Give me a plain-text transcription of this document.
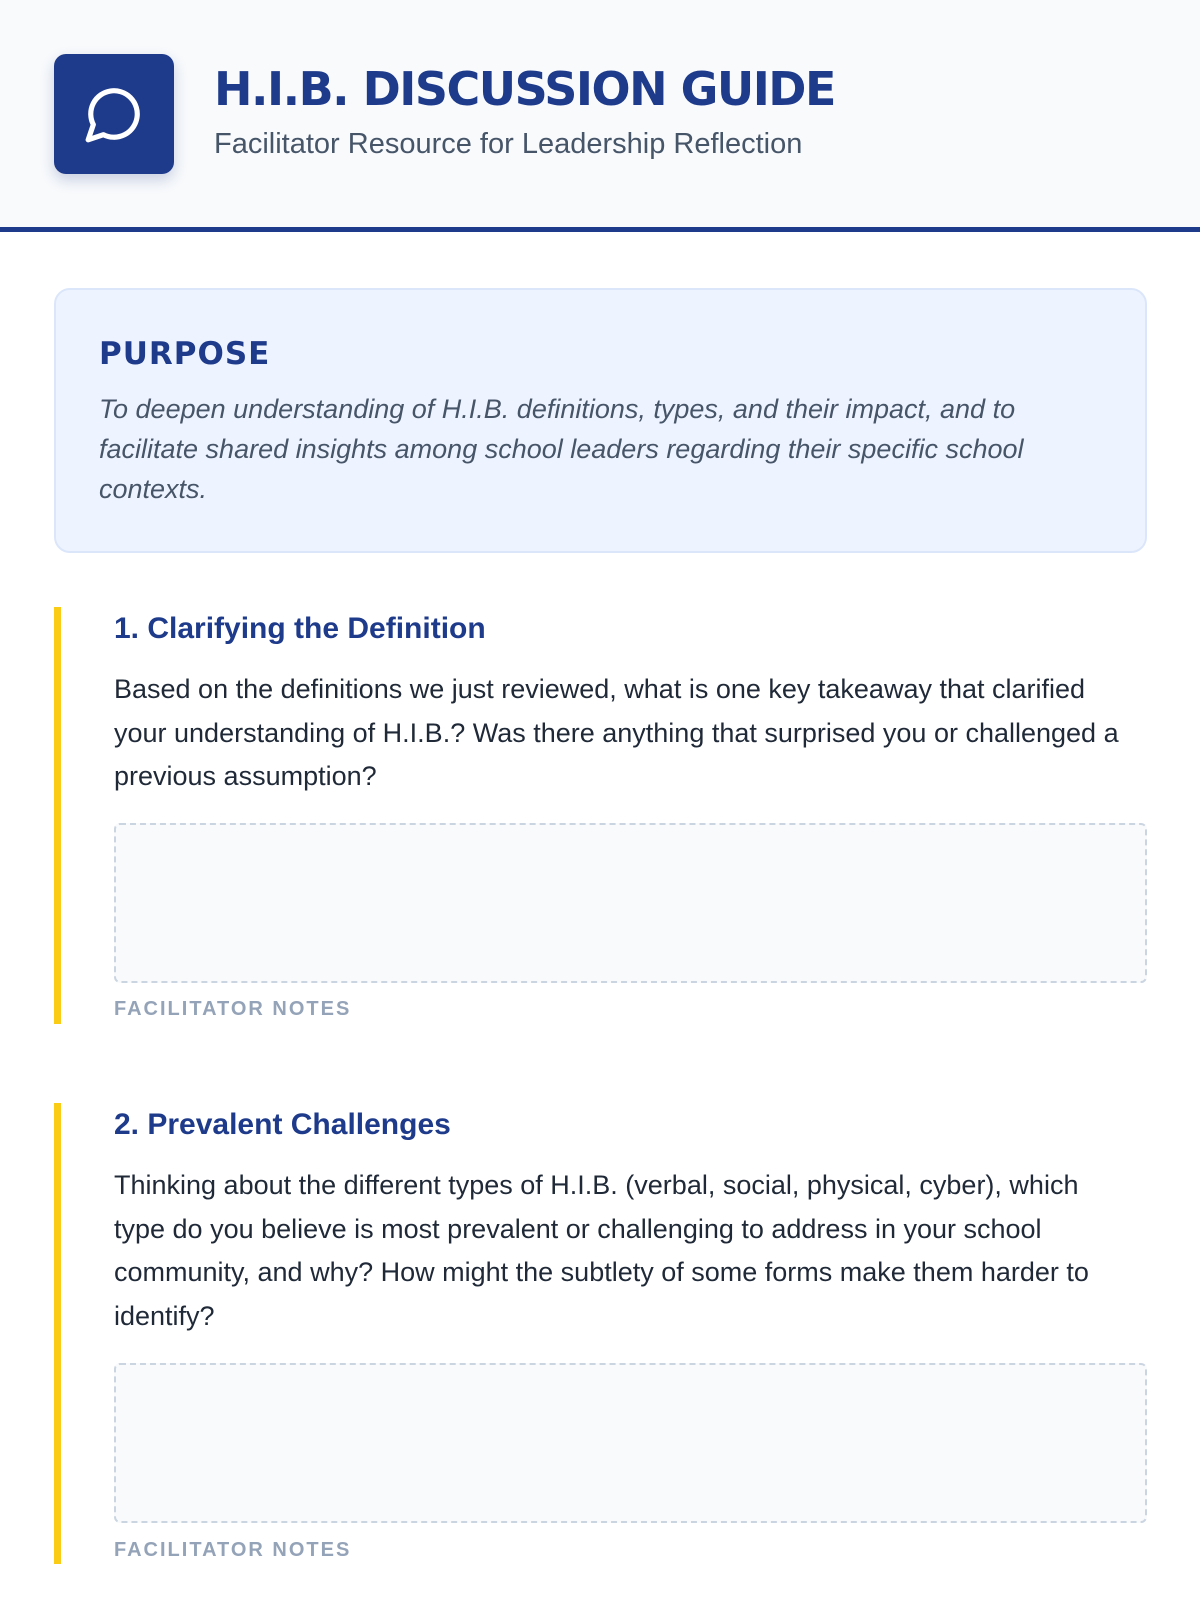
H.I.B. DISCUSSION GUIDE

Facilitator Resource for Leadership Reflection

PURPOSE

To deepen understanding of H.I.B. definitions, types, and their impact, and to facilitate shared insights among school leaders regarding their specific school contexts.

1. Clarifying the Definition

Based on the definitions we just reviewed, what is one key takeaway that clarified your understanding of H.I.B.? Was there anything that surprised you or challenged a previous assumption?

FACILITATOR NOTES
2. Prevalent Challenges

Thinking about the different types of H.I.B. (verbal, social, physical, cyber), which type do you believe is most prevalent or challenging to address in your school community, and why? How might the subtlety of some forms make them harder to identify?

FACILITATOR NOTES
